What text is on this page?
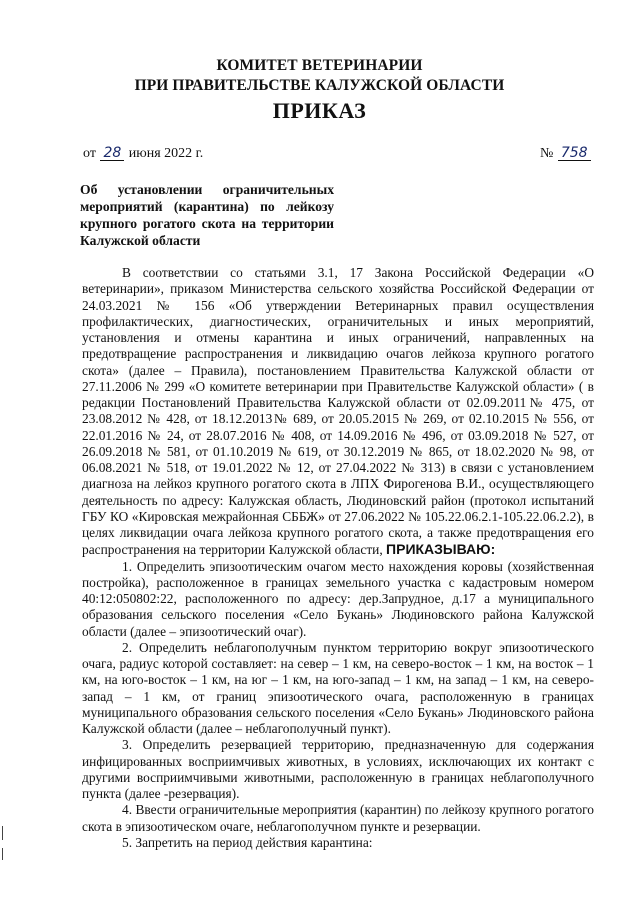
КОМИТЕТ ВЕТЕРИНАРИИ
ПРИ ПРАВИТЕЛЬСТВЕ КАЛУЖСКОЙ ОБЛАСТИ
ПРИКАЗ
от 28 июня 2022 г.	№ 758
Об установлении ограничительных мероприятий (карантина) по лейкозу крупного рогатого скота на территории Калужской области

В соответствии со статьями 3.1, 17 Закона Российской Федерации «О ветеринарии», приказом Министерства сельского хозяйства Российской Федерации от 24.03.2021 № 156 «Об утверждении Ветеринарных правил осуществления профилактических, диагностических, ограничительных и иных мероприятий, установления и отмены карантина и иных ограничений, направленных на предотвращение распространения и ликвидацию очагов лейкоза крупного рогатого скота» (далее – Правила), постановлением Правительства Калужской области от 27.11.2006 № 299 «О комитете ветеринарии при Правительстве Калужской области» ( в редакции Постановлений Правительства Калужской области от 02.09.2011№ 475, от 23.08.2012 № 428, от 18.12.2013№ 689, от 20.05.2015 № 269, от 02.10.2015 № 556, от 22.01.2016 № 24, от 28.07.2016 № 408, от 14.09.2016 № 496, от 03.09.2018 № 527, от 26.09.2018 № 581, от 01.10.2019 № 619, от 30.12.2019 № 865, от 18.02.2020 № 98, от 06.08.2021 № 518, от 19.01.2022 № 12, от 27.04.2022 № 313) в связи с установлением диагноза на лейкоз крупного рогатого скота в ЛПХ Фирогенова В.И., осуществляющего деятельность по адресу: Калужская область, Людиновский район (протокол испытаний ГБУ КО «Кировская межрайонная СББЖ» от 27.06.2022 № 105.22.06.2.1-105.22.06.2.2), в целях ликвидации очага лейкоза крупного рогатого скота, а также предотвращения его распространения на территории Калужской области, ПРИКАЗЫВАЮ:

1. Определить эпизоотическим очагом место нахождения коровы (хозяйственная постройка), расположенное в границах земельного участка с кадастровым номером 40:12:050802:22, расположенного по адресу: дер.Запрудное, д.17 а муниципального образования сельского поселения «Село Букань» Людиновского района Калужской области (далее – эпизоотический очаг).

2. Определить неблагополучным пунктом территорию вокруг эпизоотического очага, радиус которой составляет: на север – 1 км, на северо-восток – 1 км, на восток – 1 км, на юго-восток – 1 км, на юг – 1 км, на юго-запад – 1 км, на запад – 1 км, на северо-запад – 1 км, от границ эпизоотического очага, расположенную в границах муниципального образования сельского поселения «Село Букань» Людиновского района Калужской области (далее – неблагополучный пункт).

3. Определить резервацией территорию, предназначенную для содержания инфицированных восприимчивых животных, в условиях, исключающих их контакт с другими восприимчивыми животными, расположенную в границах неблагополучного пункта (далее -резервация).

4. Ввести ограничительные мероприятия (карантин) по лейкозу крупного рогатого скота в эпизоотическом очаге, неблагополучном пункте и резервации.

5. Запретить на период действия карантина:
